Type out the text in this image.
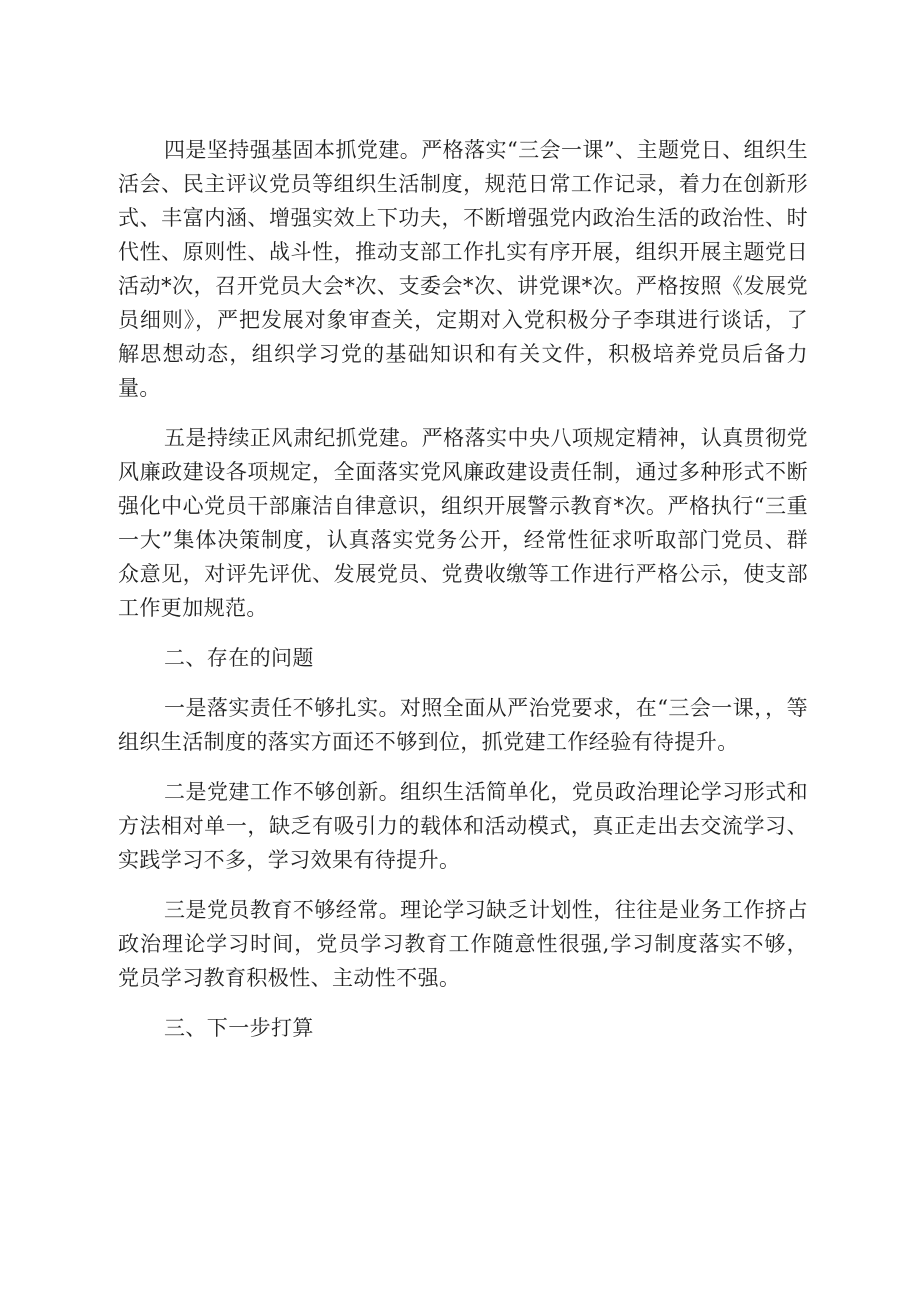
四是坚持强基固本抓党建。严格落实“三会一课”、主题党日、组织生活会、民主评议党员等组织生活制度，规范日常工作记录，着力在创新形式、丰富内涵、增强实效上下功夫，不断增强党内政治生活的政治性、时代性、原则性、战斗性，推动支部工作扎实有序开展，组织开展主题党日活动*次，召开党员大会*次、支委会*次、讲党课*次。严格按照《发展党员细则》，严把发展对象审查关，定期对入党积极分子李琪进行谈话，了解思想动态，组织学习党的基础知识和有关文件，积极培养党员后备力量。

五是持续正风肃纪抓党建。严格落实中央八项规定精神，认真贯彻党风廉政建设各项规定，全面落实党风廉政建设责任制，通过多种形式不断强化中心党员干部廉洁自律意识，组织开展警示教育*次。严格执行“三重一大”集体决策制度，认真落实党务公开，经常性征求听取部门党员、群众意见，对评先评优、发展党员、党费收缴等工作进行严格公示，使支部工作更加规范。

二、存在的问题

一是落实责任不够扎实。对照全面从严治党要求，在“三会一课，，等组织生活制度的落实方面还不够到位，抓党建工作经验有待提升。

二是党建工作不够创新。组织生活简单化，党员政治理论学习形式和方法相对单一，缺乏有吸引力的载体和活动模式，真正走出去交流学习、实践学习不多，学习效果有待提升。

三是党员教育不够经常。理论学习缺乏计划性，往往是业务工作挤占政治理论学习时间，党员学习教育工作随意性很强,学习制度落实不够，党员学习教育积极性、主动性不强。

三、下一步打算
